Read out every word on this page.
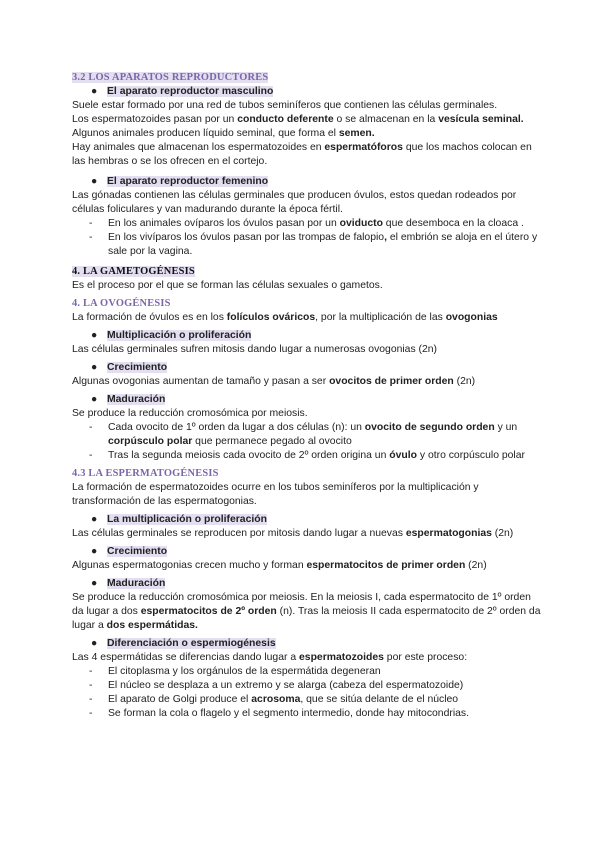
3.2 LOS APARATOS REPRODUCTORES
● El aparato reproductor masculino

Suele estar formado por una red de tubos seminíferos que contienen las células germinales.

Los espermatozoides pasan por un conducto deferente o se almacenan en la vesícula seminal.

Algunos animales producen líquido seminal, que forma el semen.

Hay animales que almacenan los espermatozoides en espermatóforos que los machos colocan en las hembras o se los ofrecen en el cortejo.

● El aparato reproductor femenino

Las gónadas contienen las células germinales que producen óvulos, estos quedan rodeados por células foliculares y van madurando durante la época fértil.

- En los animales ovíparos los óvulos pasan por un oviducto que desemboca en la cloaca .
- En los vivíparos los óvulos pasan por las trompas de falopio, el embrión se aloja en el útero y sale por la vagina.
4. LA GAMETOGÉNESIS

Es el proceso por el que se forman las células sexuales o gametos.

4. LA OVOGÉNESIS

La formación de óvulos es en los folículos ováricos, por la multiplicación de las ovogonias

● Multiplicación o proliferación

Las células germinales sufren mitosis dando lugar a numerosas ovogonias (2n)

● Crecimiento

Algunas ovogonias aumentan de tamaño y pasan a ser ovocitos de primer orden (2n)

● Maduración

Se produce la reducción cromosómica por meiosis.

- Cada ovocito de 1º orden da lugar a dos células (n): un ovocito de segundo orden y un corpúsculo polar que permanece pegado al ovocito
- Tras la segunda meiosis cada ovocito de 2º orden origina un óvulo y otro corpúsculo polar
4.3 LA ESPERMATOGÉNESIS

La formación de espermatozoides ocurre en los tubos seminíferos por la multiplicación y transformación de las espermatogonias.

● La multiplicación o proliferación

Las células germinales se reproducen por mitosis dando lugar a nuevas espermatogonias (2n)

● Crecimiento

Algunas espermatogonias crecen mucho y forman espermatocitos de primer orden (2n)

● Maduración

Se produce la reducción cromosómica por meiosis. En la meiosis I, cada espermatocito de 1º orden da lugar a dos espermatocitos de 2º orden (n). Tras la meiosis II cada espermatocito de 2º orden da lugar a dos espermátidas.

● Diferenciación o espermiogénesis

Las 4 espermátidas se diferencias dando lugar a espermatozoides por este proceso:

- El citoplasma y los orgánulos de la espermátida degeneran
- El núcleo se desplaza a un extremo y se alarga (cabeza del espermatozoide)
- El aparato de Golgi produce el acrosoma, que se sitúa delante de el núcleo
- Se forman la cola o flagelo y el segmento intermedio, donde hay mitocondrias.
